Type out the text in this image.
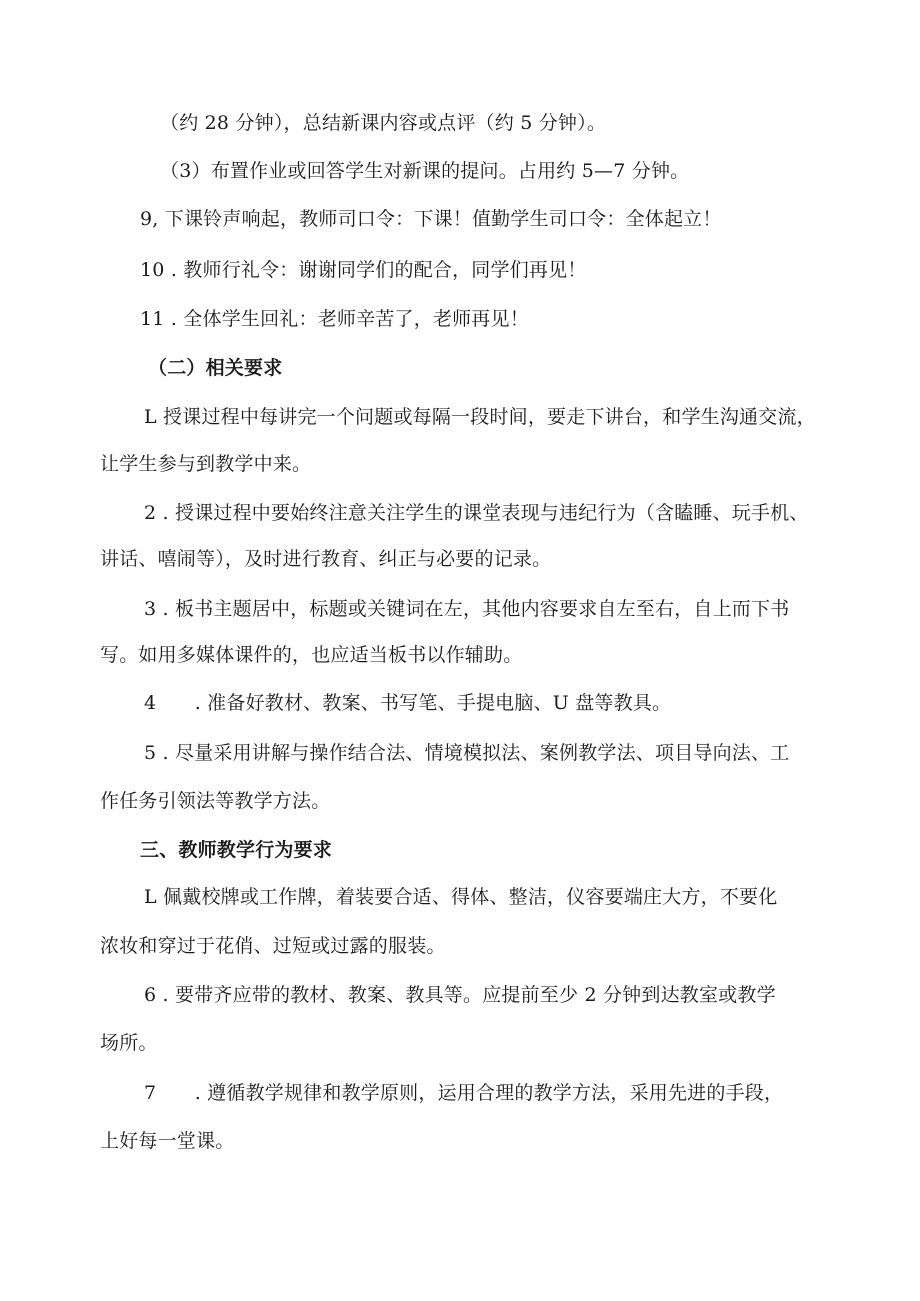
（约 28 分钟），总结新课内容或点评（约 5 分钟）。
（3）布置作业或回答学生对新课的提问。占用约 5—7 分钟。
9, 下课铃声响起，教师司口令：下课！值勤学生司口令：全体起立！
10 . 教师行礼令：谢谢同学们的配合，同学们再见！
11 . 全体学生回礼：老师辛苦了，老师再见！
（二）相关要求
L 授课过程中每讲完一个问题或每隔一段时间，要走下讲台，和学生沟通交流，
让学生参与到教学中来。
2 . 授课过程中要始终注意关注学生的课堂表现与违纪行为（含瞌睡、玩手机、
讲话、嘻闹等），及时进行教育、纠正与必要的记录。
3 . 板书主题居中，标题或关键词在左，其他内容要求自左至右，自上而下书
写。如用多媒体课件的，也应适当板书以作辅助。
4　　. 准备好教材、教案、书写笔、手提电脑、U 盘等教具。
5 . 尽量采用讲解与操作结合法、情境模拟法、案例教学法、项目导向法、工
作任务引领法等教学方法。
三、教师教学行为要求
L 佩戴校牌或工作牌，着装要合适、得体、整洁，仪容要端庄大方，不要化
浓妆和穿过于花俏、过短或过露的服装。
6 . 要带齐应带的教材、教案、教具等。应提前至少 2 分钟到达教室或教学
场所。
7　　. 遵循教学规律和教学原则，运用合理的教学方法，采用先进的手段，
上好每一堂课。
